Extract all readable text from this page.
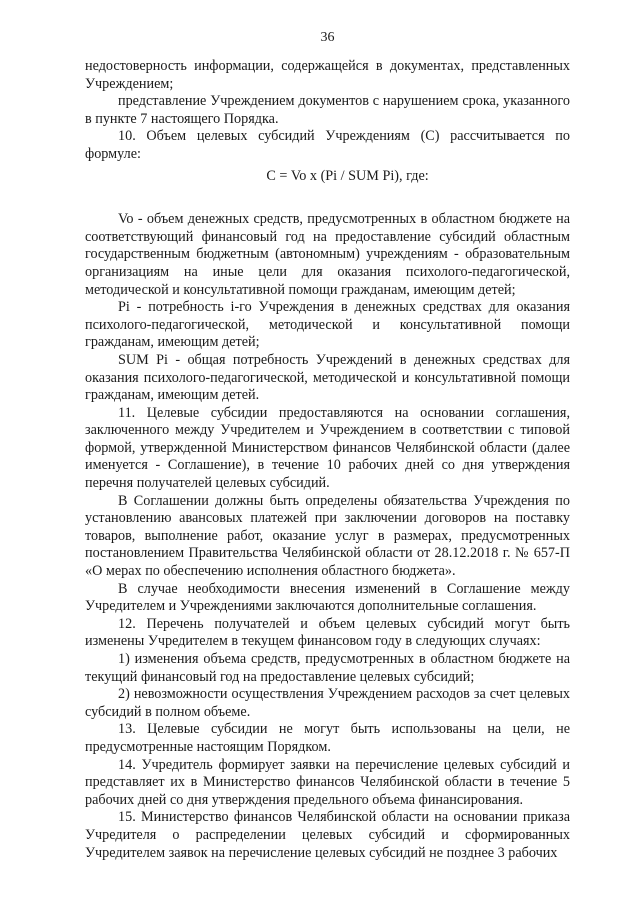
36

недостоверность информации, содержащейся в документах, представленных Учреждением;

представление Учреждением документов с нарушением срока, указанного в пункте 7 настоящего Порядка.

10. Объем целевых субсидий Учреждениям (С) рассчитывается по формуле:

С = Vo x (Pi / SUM Pi), где:

Vo - объем денежных средств, предусмотренных в областном бюджете на соответствующий финансовый год на предоставление субсидий областным государственным бюджетным (автономным) учреждениям - образовательным организациям на иные цели для оказания психолого-педагогической, методической и консультативной помощи гражданам, имеющим детей;

Pi - потребность i-го Учреждения в денежных средствах для оказания психолого-педагогической, методической и консультативной помощи гражданам, имеющим детей;

SUM Pi - общая потребность Учреждений в денежных средствах для оказания психолого-педагогической, методической и консультативной помощи гражданам, имеющим детей.

11. Целевые субсидии предоставляются на основании соглашения, заключенного между Учредителем и Учреждением в соответствии с типовой формой, утвержденной Министерством финансов Челябинской области (далее именуется - Соглашение), в течение 10 рабочих дней со дня утверждения перечня получателей целевых субсидий.

В Соглашении должны быть определены обязательства Учреждения по установлению авансовых платежей при заключении договоров на поставку товаров, выполнение работ, оказание услуг в размерах, предусмотренных постановлением Правительства Челябинской области от 28.12.2018 г. № 657-П «О мерах по обеспечению исполнения областного бюджета».

В случае необходимости внесения изменений в Соглашение между Учредителем и Учреждениями заключаются дополнительные соглашения.

12. Перечень получателей и объем целевых субсидий могут быть изменены Учредителем в текущем финансовом году в следующих случаях:

1) изменения объема средств, предусмотренных в областном бюджете на текущий финансовый год на предоставление целевых субсидий;

2) невозможности осуществления Учреждением расходов за счет целевых субсидий в полном объеме.

13. Целевые субсидии не могут быть использованы на цели, не предусмотренные настоящим Порядком.

14. Учредитель формирует заявки на перечисление целевых субсидий и представляет их в Министерство финансов Челябинской области в течение 5 рабочих дней со дня утверждения предельного объема финансирования.

15. Министерство финансов Челябинской области на основании приказа Учредителя о распределении целевых субсидий и сформированных Учредителем заявок на перечисление целевых субсидий не позднее 3 рабочих
